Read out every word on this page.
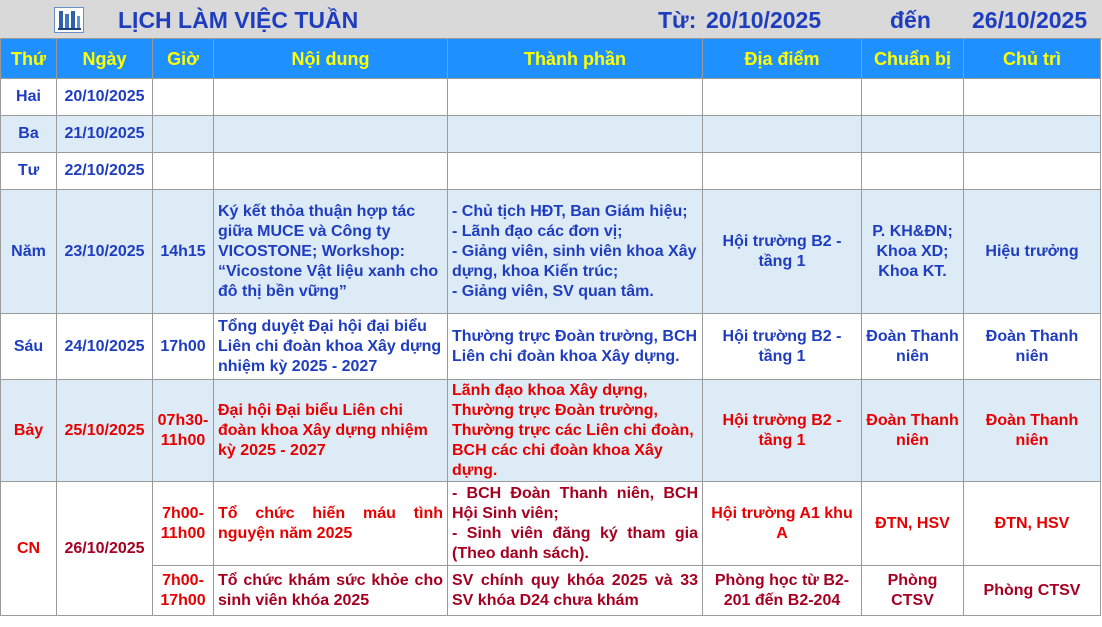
LỊCH LÀM VIỆC TUẦN	Từ: 20/10/2025	đến 26/10/2025
Thứ	Ngày	Giờ	Nội dung	Thành phần	Địa điểm	Chuẩn bị	Chủ trì
Hai	20/10/2025						
Ba	21/10/2025						
Tư	22/10/2025						
Năm	23/10/2025	14h15	Ký kết thỏa thuận hợp tác giữa MUCE và Công ty VICOSTONE; Workshop: “Vicostone Vật liệu xanh cho đô thị bền vững”	- Chủ tịch HĐT, Ban Giám hiệu;
- Lãnh đạo các đơn vị;
- Giảng viên, sinh viên khoa Xây dựng, khoa Kiến trúc;
- Giảng viên, SV quan tâm.	Hội trường B2 - tầng 1	P. KH&ĐN; Khoa XD; Khoa KT.	Hiệu trưởng
Sáu	24/10/2025	17h00	Tổng duyệt Đại hội đại biểu Liên chi đoàn khoa Xây dựng nhiệm kỳ 2025 - 2027	Thường trực Đoàn trường, BCH Liên chi đoàn khoa Xây dựng.	Hội trường B2 - tầng 1	Đoàn Thanh niên	Đoàn Thanh niên
Bảy	25/10/2025	07h30- 11h00	Đại hội Đại biểu Liên chi đoàn khoa Xây dựng nhiệm kỳ 2025 - 2027	Lãnh đạo khoa Xây dựng, Thường trực Đoàn trường, Thường trực các Liên chi đoàn, BCH các chi đoàn khoa Xây dựng.	Hội trường B2 - tầng 1	Đoàn Thanh niên	Đoàn Thanh niên
CN	26/10/2025	7h00- 11h00	Tổ chức hiến máu tình nguyện năm 2025	- BCH Đoàn Thanh niên, BCH Hội Sinh viên;
- Sinh viên đăng ký tham gia (Theo danh sách).	Hội trường A1 khu A	ĐTN, HSV	ĐTN, HSV
		7h00- 17h00	Tổ chức khám sức khỏe cho sinh viên khóa 2025	SV chính quy khóa 2025 và 33 SV khóa D24 chưa khám	Phòng học từ B2-201 đến B2-204	Phòng CTSV	Phòng CTSV
